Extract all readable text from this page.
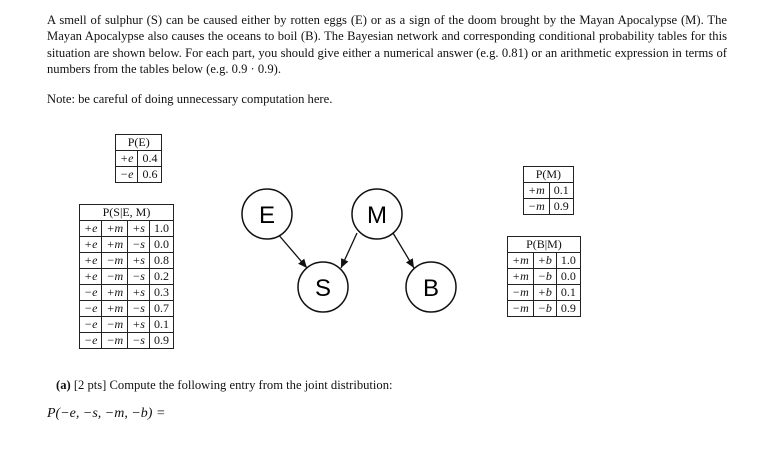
A smell of sulphur (S) can be caused either by rotten eggs (E) or as a sign of the doom brought by the Mayan Apocalypse (M). The Mayan Apocalypse also causes the oceans to boil (B). The Bayesian network and corresponding conditional probability tables for this situation are shown below. For each part, you should give either a numerical answer (e.g. 0.81) or an arithmetic expression in terms of numbers from the tables below (e.g. 0.9 · 0.9).
Note: be careful of doing unnecessary computation here.
P(E)	
+e	0.4
−e	0.6
P(S|E, M)			
+e	+m	+s	1.0
+e	+m	−s	0.0
+e	−m	+s	0.8
+e	−m	−s	0.2
−e	+m	+s	0.3
−e	+m	−s	0.7
−e	−m	+s	0.1
−e	−m	−s	0.9
E	M
S	B
P(M)	
+m	0.1
−m	0.9
P(B|M)		
+m	+b	1.0
+m	−b	0.0
−m	+b	0.1
−m	−b	0.9
(a) [2 pts] Compute the following entry from the joint distribution:
P(−e, −s, −m, −b) =
